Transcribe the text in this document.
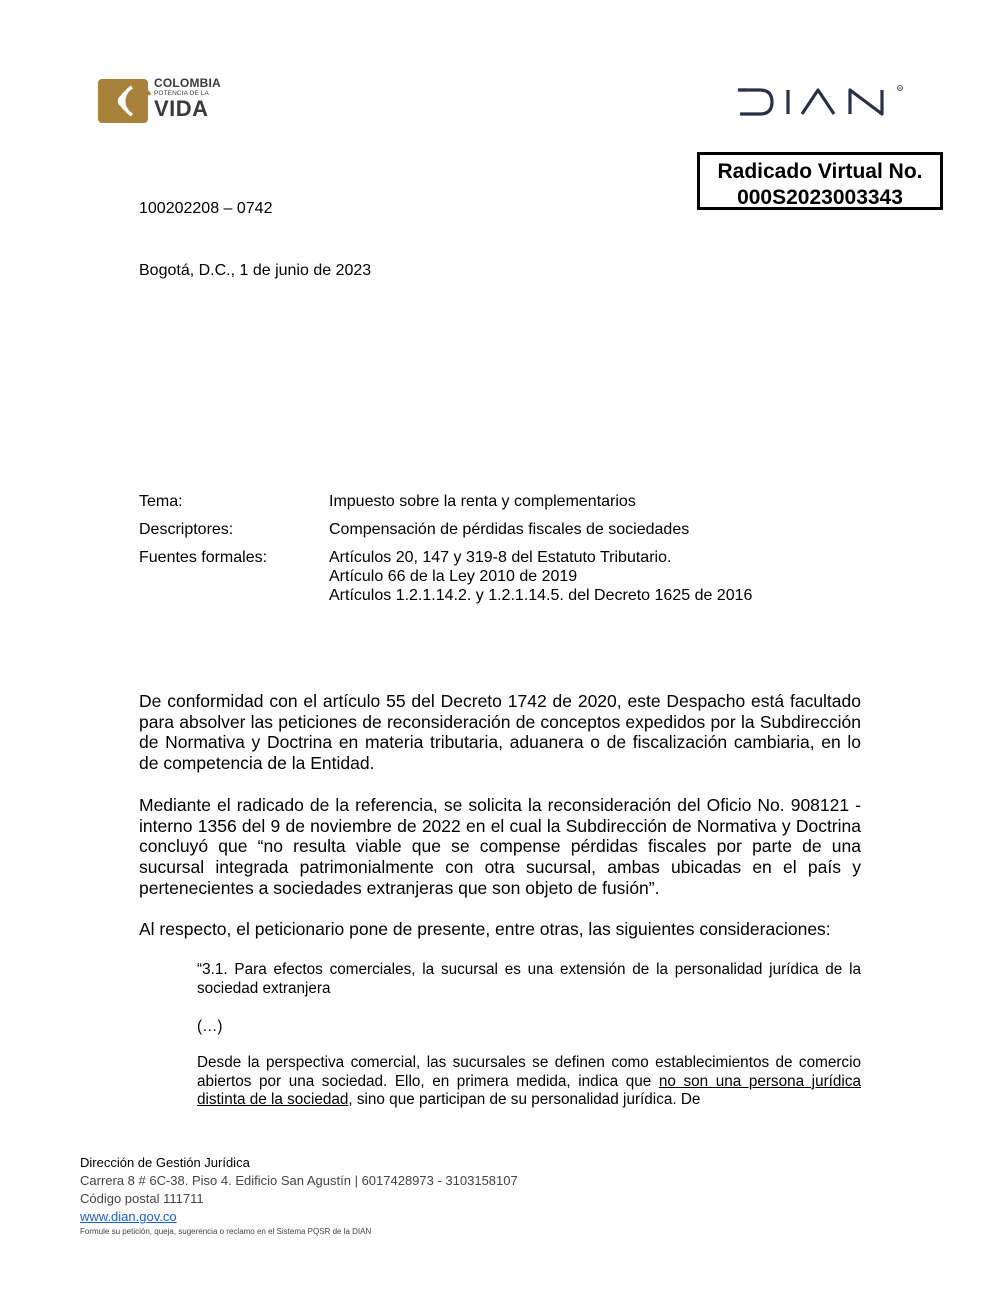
COLOMBIA
POTENCIA DE LA
VIDA
R
Radicado Virtual No.
000S2023003343
100202208 – 0742
Bogotá, D.C., 1 de junio de 2023
Tema:	Impuesto sobre la renta y complementarios
Descriptores:	Compensación de pérdidas fiscales de sociedades
Fuentes formales:	Artículos 20, 147 y 319-8 del Estatuto Tributario.
Artículo 66 de la Ley 2010 de 2019
Artículos 1.2.1.14.2. y 1.2.1.14.5. del Decreto 1625 de 2016

De conformidad con el artículo 55 del Decreto 1742 de 2020, este Despacho está facultado para absolver las peticiones de reconsideración de conceptos expedidos por la Subdirección de Normativa y Doctrina en materia tributaria, aduanera o de fiscalización cambiaria, en lo de competencia de la Entidad.

Mediante el radicado de la referencia, se solicita la reconsideración del Oficio No. 908121 - interno 1356 del 9 de noviembre de 2022 en el cual la Subdirección de Normativa y Doctrina concluyó que “no resulta viable que se compense pérdidas fiscales por parte de una sucursal integrada patrimonialmente con otra sucursal, ambas ubicadas en el país y pertenecientes a sociedades extranjeras que son objeto de fusión”.

Al respecto, el peticionario pone de presente, entre otras, las siguientes consideraciones:

“3.1. Para efectos comerciales, la sucursal es una extensión de la personalidad jurídica de la sociedad extranjera

(…)

Desde la perspectiva comercial, las sucursales se definen como establecimientos de comercio abiertos por una sociedad. Ello, en primera medida, indica que no son una persona jurídica distinta de la sociedad, sino que participan de su personalidad jurídica. De

Dirección de Gestión Jurídica
Carrera 8 # 6C-38. Piso 4. Edificio San Agustín | 6017428973 - 3103158107
Código postal 111711
www.dian.gov.co
Formule su petición, queja, sugerencia o reclamo en el Sistema PQSR de la DIAN
